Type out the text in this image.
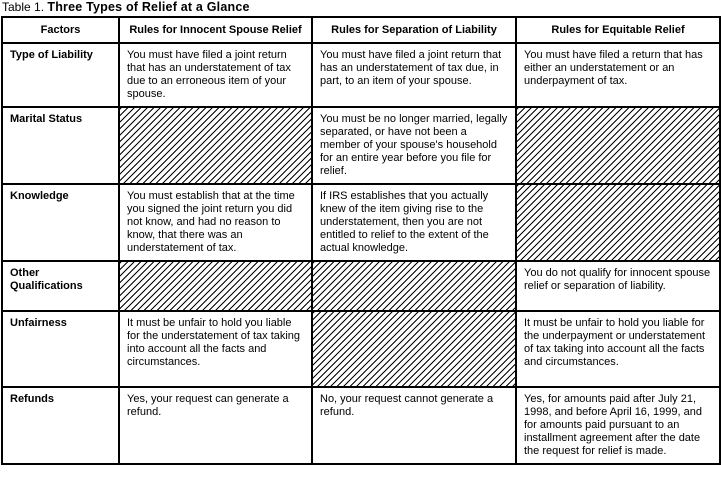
Table 1. Three Types of Relief at a Glance
Factors	Rules for Innocent Spouse Relief	Rules for Separation of Liability	Rules for Equitable Relief
Type of Liability	You must have filed a joint return that has an understatement of tax due to an erroneous item of your spouse.	You must have filed a joint return that has an understatement of tax due, in part, to an item of your spouse.	You must have filed a return that has either an understatement or an underpayment of tax.
Marital Status		You must be no longer married, legally separated, or have not been a member of your spouse's household for an entire year before you file for relief.	
Knowledge	You must establish that at the time you signed the joint return you did not know, and had no reason to know, that there was an understatement of tax.	If IRS establishes that you actually knew of the item giving rise to the understatement, then you are not entitled to relief to the extent of the actual knowledge.	
Other Qualifications			You do not qualify for innocent spouse relief or separation of liability.
Unfairness	It must be unfair to hold you liable for the understatement of tax taking into account all the facts and circumstances.		It must be unfair to hold you liable for the underpayment or understatement of tax taking into account all the facts and circumstances.
Refunds	Yes, your request can generate a refund.	No, your request cannot generate a refund.	Yes, for amounts paid after July 21, 1998, and before April 16, 1999, and for amounts paid pursuant to an installment agreement after the date the request for relief is made.
